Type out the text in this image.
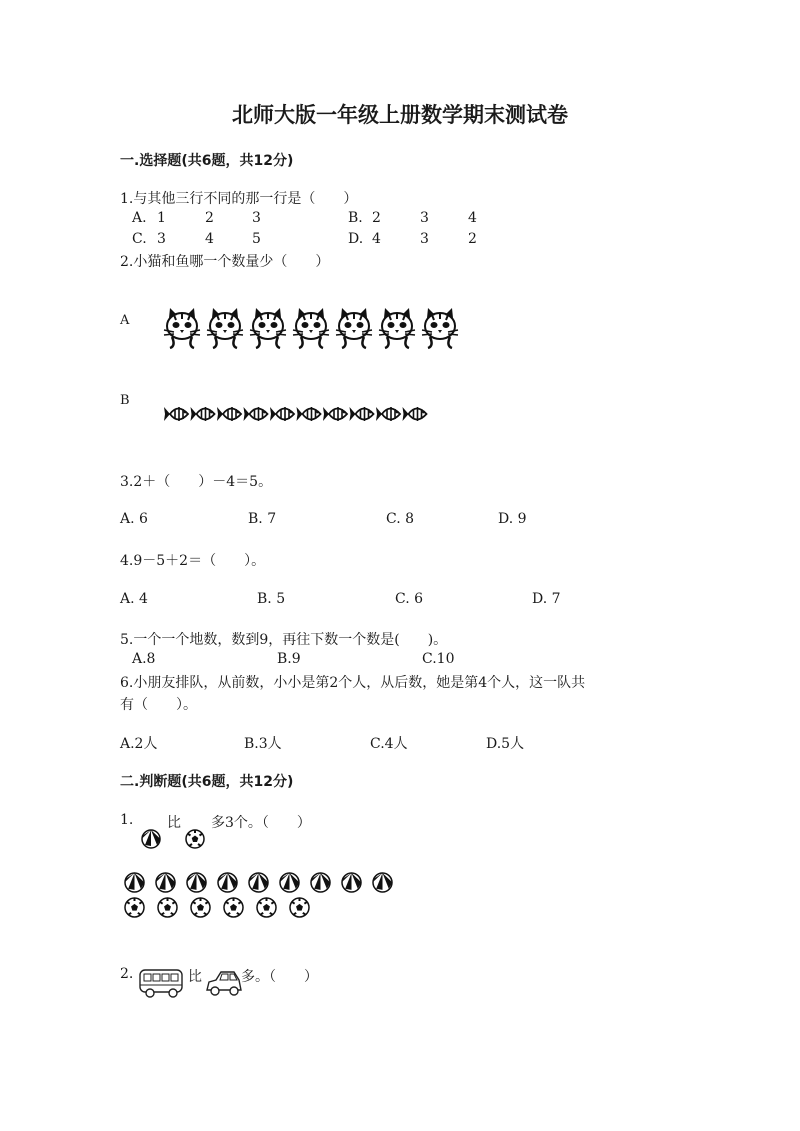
北师大版一年级上册数学期末测试卷
一.选择题(共6题，共12分)
1.与其他三行不同的那一行是（　　）
A. 1	2	3	B. 2	3	4
C. 3	4	5	D. 4	3	2
2.小猫和鱼哪一个数量少（　　）
A
B
3.2＋（　　）－4＝5。
A. 6	B. 7	C. 8	D. 9
4.9－5＋2＝（　　）。
A. 4	B. 5	C. 6	D. 7
5.一个一个地数，数到9，再往下数一个数是(　　)。
A.8	B.9	C.10
6.小朋友排队，从前数，小小是第2个人，从后数，她是第4个人，这一队共
有（　　）。
A.2人	B.3人	C.4人	D.5人
二.判断题(共6题，共12分)
1. 比 多3个。（　　）
2.	比	多。（　　）
